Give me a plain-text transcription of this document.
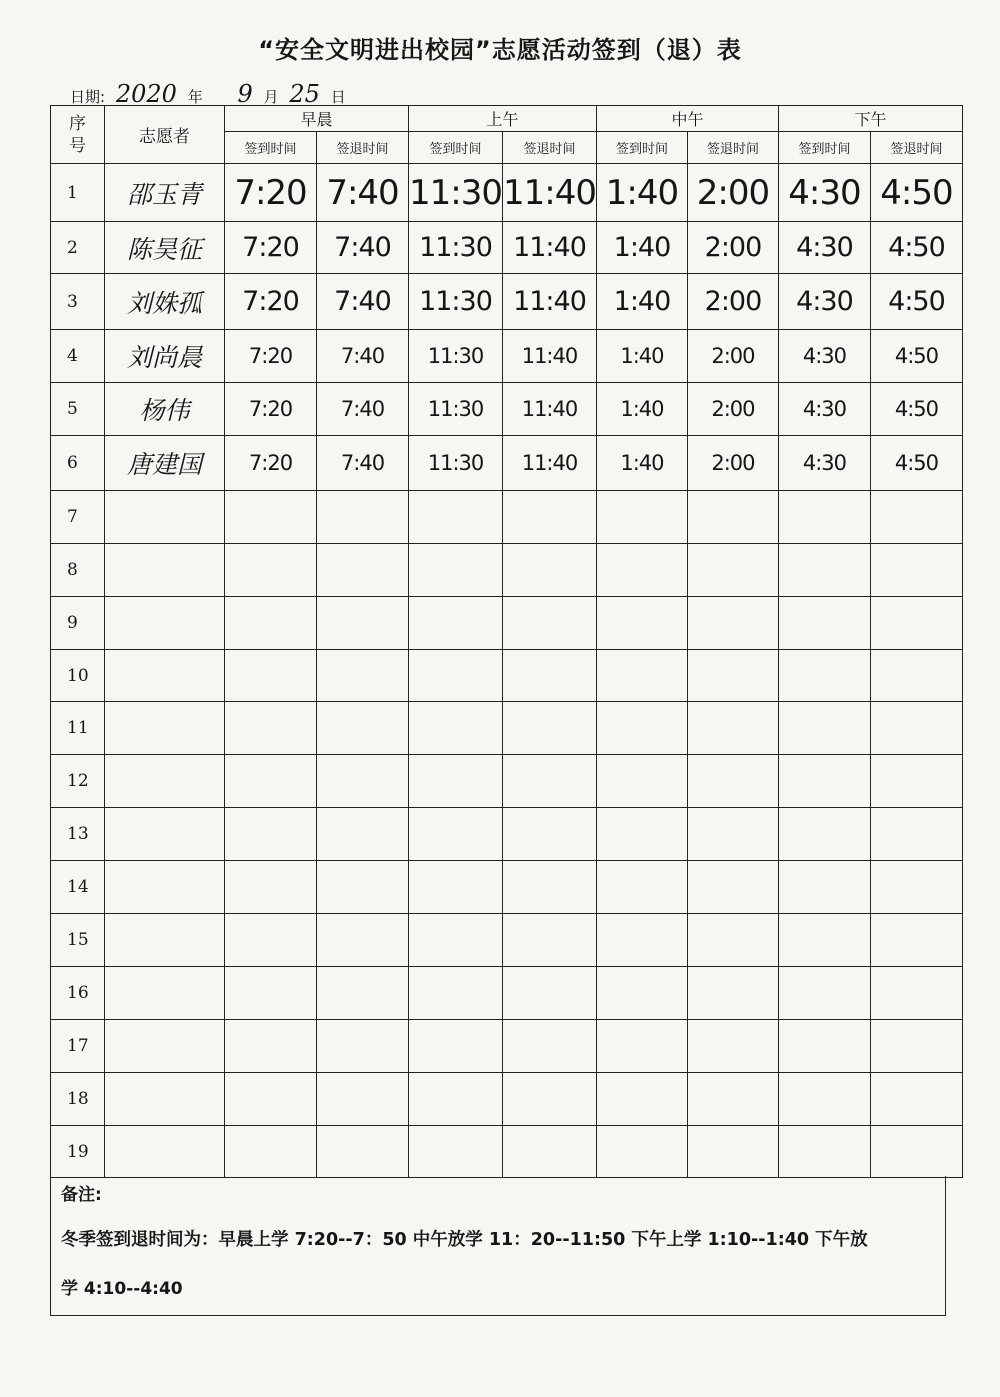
“安全文明进出校园”志愿活动签到（退）表
日期: 2020 年 9 月 25 日
序号	志愿者	早晨		上午		中午		下午	
		签到时间	签退时间	签到时间	签退时间	签到时间	签退时间	签到时间	签退时间
1	邵玉青	7:20	7:40	11:30	11:40	1:40	2:00	4:30	4:50
2	陈昊征	7:20	7:40	11:30	11:40	1:40	2:00	4:30	4:50
3	刘姝孤	7:20	7:40	11:30	11:40	1:40	2:00	4:30	4:50
4	刘尚晨	7:20	7:40	11:30	11:40	1:40	2:00	4:30	4:50
5	杨伟	7:20	7:40	11:30	11:40	1:40	2:00	4:30	4:50
6	唐建国	7:20	7:40	11:30	11:40	1:40	2:00	4:30	4:50
7									
8									
9									
10									
11									
12									
13									
14									
15									
16									
17									
18									
19									
备注:
冬季签到退时间为：早晨上学 7:20--7：50 中午放学 11：20--11:50 下午上学 1:10--1:40 下午放
学 4:10--4:40
